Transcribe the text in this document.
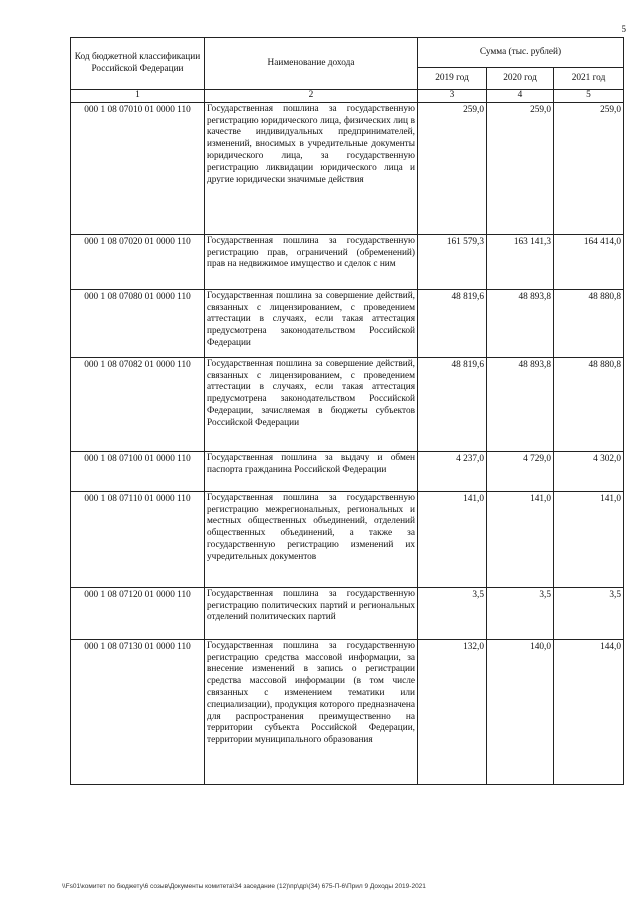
5
Код бюджетной классификации Российской Федерации	Наименование дохода	Сумма (тыс. рублей)		
		2019 год	2020 год	2021 год
1	2	3	4	5
000 1 08 07010 01 0000 110	Государственная пошлина за государственную регистрацию юридического лица, физических лиц в качестве индивидуальных предпринимателей, изменений, вносимых в учредительные документы юридического лица, за государственную регистрацию ликвидации юридического лица и другие юридически значимые действия	259,0	259,0	259,0
000 1 08 07020 01 0000 110	Государственная пошлина за государственную регистрацию прав, ограничений (обременений) прав на недвижимое имущество и сделок с ним	161 579,3	163 141,3	164 414,0
000 1 08 07080 01 0000 110	Государственная пошлина за совершение действий, связанных с лицензированием, с проведением аттестации в случаях, если такая аттестация предусмотрена законодательством Российской Федерации	48 819,6	48 893,8	48 880,8
000 1 08 07082 01 0000 110	Государственная пошлина за совершение действий, связанных с лицензированием, с проведением аттестации в случаях, если такая аттестация предусмотрена законодательством Российской Федерации, зачисляемая в бюджеты субъектов Российской Федерации	48 819,6	48 893,8	48 880,8
000 1 08 07100 01 0000 110	Государственная пошлина за выдачу и обмен паспорта гражданина Российской Федерации	4 237,0	4 729,0	4 302,0
000 1 08 07110 01 0000 110	Государственная пошлина за государственную регистрацию межрегиональных, региональных и местных общественных объединений, отделений общественных объединений, а также за государственную регистрацию изменений их учредительных документов	141,0	141,0	141,0
000 1 08 07120 01 0000 110	Государственная пошлина за государственную регистрацию политических партий и региональных отделений политических партий	3,5	3,5	3,5
000 1 08 07130 01 0000 110	Государственная пошлина за государственную регистрацию средства массовой информации, за внесение изменений в запись о регистрации средства массовой информации (в том числе связанных с изменением тематики или специализации), продукция которого предназначена для распространения преимущественно на территории субъекта Российской Федерации, территории муниципального образования	132,0	140,0	144,0
\\Fs01\комитет по бюджету\6 созыв\Документы комитета\34 заседание (12)\пр\др\(34) 675-П-6\Прил 9 Доходы 2019-2021
